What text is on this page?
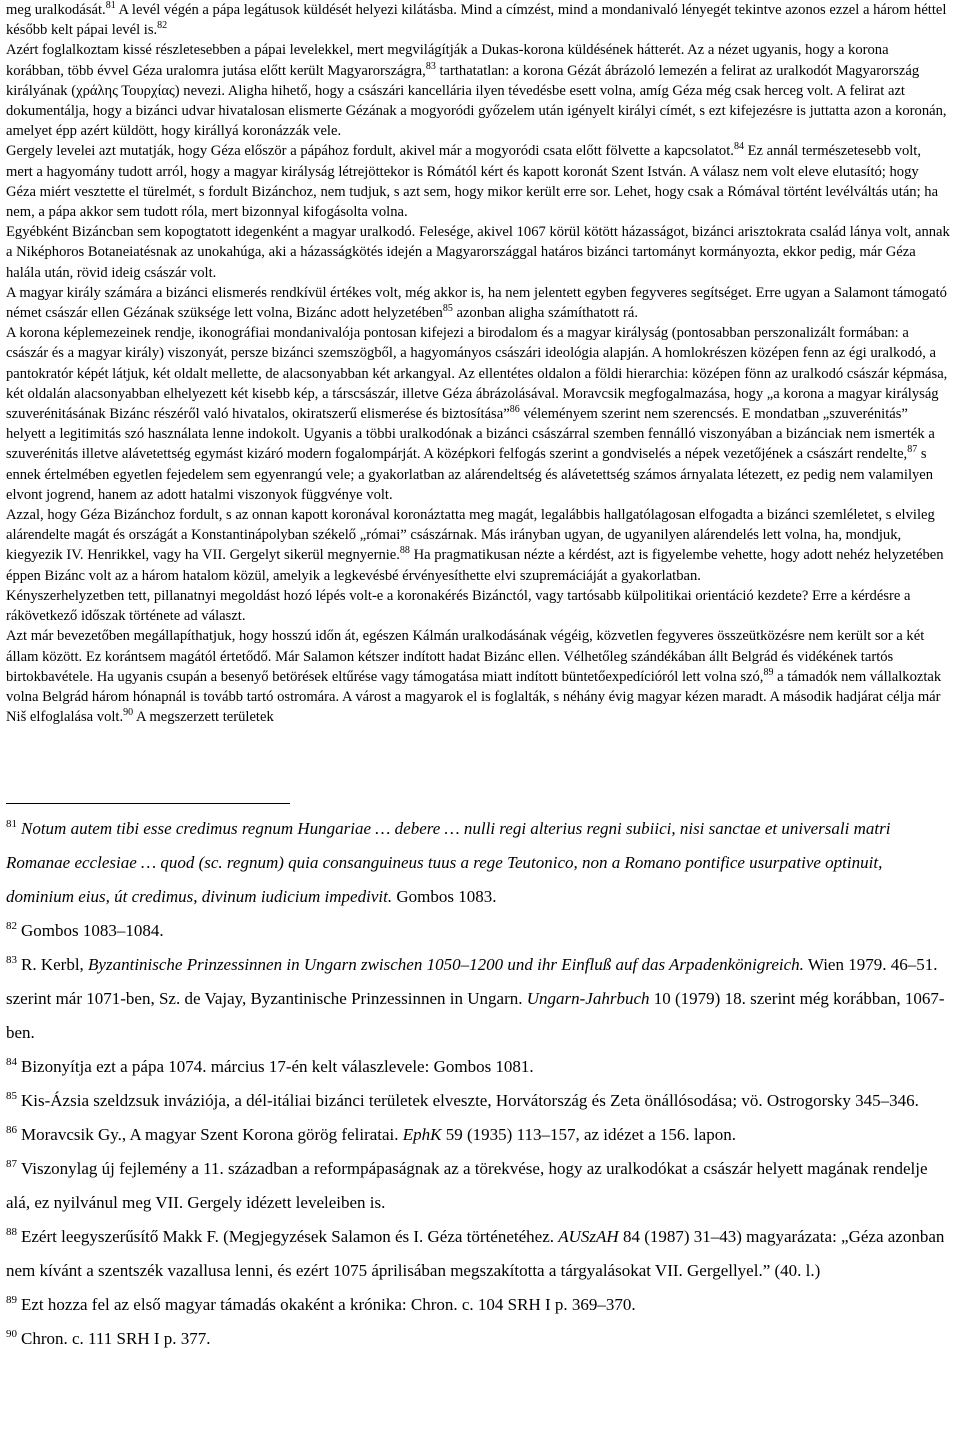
meg uralkodását.$^{81}$ A levél végén a pápa legátusok küldését helyezi kilátásba. Mind a címzést, mind a mondanivaló lényegét tekintve azonos ezzel a három héttel később kelt pápai levél is.$^{82}$

Azért foglalkoztam kissé részletesebben a pápai levelekkel, mert megvilágítják a Dukas-korona küldésének hátterét. Az a nézet ugyanis, hogy a korona korábban, több évvel Géza uralomra jutása előtt került Magyarországra,$^{83}$ tarthatatlan: a korona Gézát ábrázoló lemezén a felirat az uralkodót Magyarország királyának (χράλης Τουρχίας) nevezi. Aligha hihető, hogy a császári kancellária ilyen tévedésbe esett volna, amíg Géza még csak herceg volt. A felirat azt dokumentálja, hogy a bizánci udvar hivatalosan elismerte Gézának a mogyoródi győzelem után igényelt királyi címét, s ezt kifejezésre is juttatta azon a koronán, amelyet épp azért küldött, hogy királlyá koronázzák vele.

Gergely levelei azt mutatják, hogy Géza először a pápához fordult, akivel már a mogyoródi csata előtt fölvette a kapcsolatot.$^{84}$ Ez annál természetesebb volt, mert a hagyomány tudott arról, hogy a magyar királyság létrejöttekor is Rómától kért és kapott koronát Szent István. A válasz nem volt eleve elutasító; hogy Géza miért vesztette el türelmét, s fordult Bizánchoz, nem tudjuk, s azt sem, hogy mikor került erre sor. Lehet, hogy csak a Rómával történt levélváltás után; ha nem, a pápa akkor sem tudott róla, mert bizonnyal kifogásolta volna.

Egyébként Bizáncban sem kopogtatott idegenként a magyar uralkodó. Felesége, akivel 1067 körül kötött házasságot, bizánci arisztokrata család lánya volt, annak a Niképhoros Botaneiatésnak az unokahúga, aki a házasságkötés idején a Magyarországgal határos bizánci tartományt kormányozta, ekkor pedig, már Géza halála után, rövid ideig császár volt.

A magyar király számára a bizánci elismerés rendkívül értékes volt, még akkor is, ha nem jelentett egyben fegyveres segítséget. Erre ugyan a Salamont támogató német császár ellen Gézának szüksége lett volna, Bizánc adott helyzetében$^{85}$ azonban aligha számíthatott rá.

A korona képlemezeinek rendje, ikonográfiai mondanivalója pontosan kifejezi a birodalom és a magyar királyság (pontosabban perszonalizált formában: a császár és a magyar király) viszonyát, persze bizánci szemszögből, a hagyományos császári ideológia alapján. A homlokrészen középen fenn az égi uralkodó, a pantokratór képét látjuk, két oldalt mellette, de alacsonyabban két arkangyal. Az ellentétes oldalon a földi hierarchia: középen fönn az uralkodó császár képmása, két oldalán alacsonyabban elhelyezett két kisebb kép, a társcsászár, illetve Géza ábrázolásával. Moravcsik megfogalmazása, hogy „a korona a magyar királyság szuverénitásának Bizánc részéről való hivatalos, okiratszerű elismerése és biztosítása”$^{86}$ véleményem szerint nem szerencsés. E mondatban „szuverénitás” helyett a legitimitás szó használata lenne indokolt. Ugyanis a többi uralkodónak a bizánci császárral szemben fennálló viszonyában a bizánciak nem ismerték a szuverénitás illetve alávetettség egymást kizáró modern fogalompárját. A középkori felfogás szerint a gondviselés a népek vezetőjének a császárt rendelte,$^{87}$ s ennek értelmében egyetlen fejedelem sem egyenrangú vele; a gyakorlatban az alárendeltség és alávetettség számos árnyalata létezett, ez pedig nem valamilyen elvont jogrend, hanem az adott hatalmi viszonyok függvénye volt.

Azzal, hogy Géza Bizánchoz fordult, s az onnan kapott koronával koronáztatta meg magát, legalábbis hallgatólagosan elfogadta a bizánci szemléletet, s elvileg alárendelte magát és országát a Konstantinápolyban székelő „római” császárnak. Más irányban ugyan, de ugyanilyen alárendelés lett volna, ha, mondjuk, kiegyezik IV. Henrikkel, vagy ha VII. Gergelyt sikerül megnyernie.$^{88}$ Ha pragmatikusan nézte a kérdést, azt is figyelembe vehette, hogy adott nehéz helyzetében éppen Bizánc volt az a három hatalom közül, amelyik a legkevésbé érvényesíthette elvi szupremáciáját a gyakorlatban.

Kényszerhelyzetben tett, pillanatnyi megoldást hozó lépés volt-e a koronakérés Bizánctól, vagy tartósabb külpolitikai orientáció kezdete? Erre a kérdésre a rákövetkező időszak története ad választ.

Azt már bevezetőben megállapíthatjuk, hogy hosszú időn át, egészen Kálmán uralkodásának végéig, közvetlen fegyveres összeütközésre nem került sor a két állam között. Ez korántsem magától értetődő. Már Salamon kétszer indított hadat Bizánc ellen. Vélhetőleg szándékában állt Belgrád és vidékének tartós birtokbavétele. Ha ugyanis csupán a besenyő betörések eltűrése vagy támogatása miatt indított büntetőexpedícióról lett volna szó,$^{89}$ a támadók nem vállalkoztak volna Belgrád három hónapnál is tovább tartó ostromára. A várost a magyarok el is foglalták, s néhány évig magyar kézen maradt. A második hadjárat célja már Niš elfoglalása volt.$^{90}$ A megszerzett területek

$^{81}$ Notum autem tibi esse credimus regnum Hungariae … debere … nulli regi alterius regni subiici, nisi sanctae et universali matri Romanae ecclesiae … quod (sc. regnum) quia consanguineus tuus a rege Teutonico, non a Romano pontifice usurpative optinuit, dominium eius, út credimus, divinum iudicium impedivit. Gombos 1083.

$^{82}$ Gombos 1083–1084.

$^{83}$ R. Kerbl, Byzantinische Prinzessinnen in Ungarn zwischen 1050–1200 und ihr Einfluß auf das Arpadenkönigreich. Wien 1979. 46–51. szerint már 1071-ben, Sz. de Vajay, Byzantinische Prinzessinnen in Ungarn. Ungarn-Jahrbuch 10 (1979) 18. szerint még korábban, 1067-ben.

$^{84}$ Bizonyítja ezt a pápa 1074. március 17-én kelt válaszlevele: Gombos 1081.

$^{85}$ Kis-Ázsia szeldzsuk inváziója, a dél-itáliai bizánci területek elveszte, Horvátország és Zeta önállósodása; vö. Ostrogorsky 345–346.

$^{86}$ Moravcsik Gy., A magyar Szent Korona görög feliratai. EphK 59 (1935) 113–157, az idézet a 156. lapon.

$^{87}$ Viszonylag új fejlemény a 11. században a reformpápaságnak az a törekvése, hogy az uralkodókat a császár helyett magának rendelje alá, ez nyilvánul meg VII. Gergely idézett leveleiben is.

$^{88}$ Ezért leegyszerűsítő Makk F. (Megjegyzések Salamon és I. Géza történetéhez. AUSzAH 84 (1987) 31–43) magyarázata: „Géza azonban nem kívánt a szentszék vazallusa lenni, és ezért 1075 áprilisában megszakította a tárgyalásokat VII. Gergellyel.” (40. l.)

$^{89}$ Ezt hozza fel az első magyar támadás okaként a krónika: Chron. c. 104 SRH I p. 369–370.

$^{90}$ Chron. c. 111 SRH I p. 377.
